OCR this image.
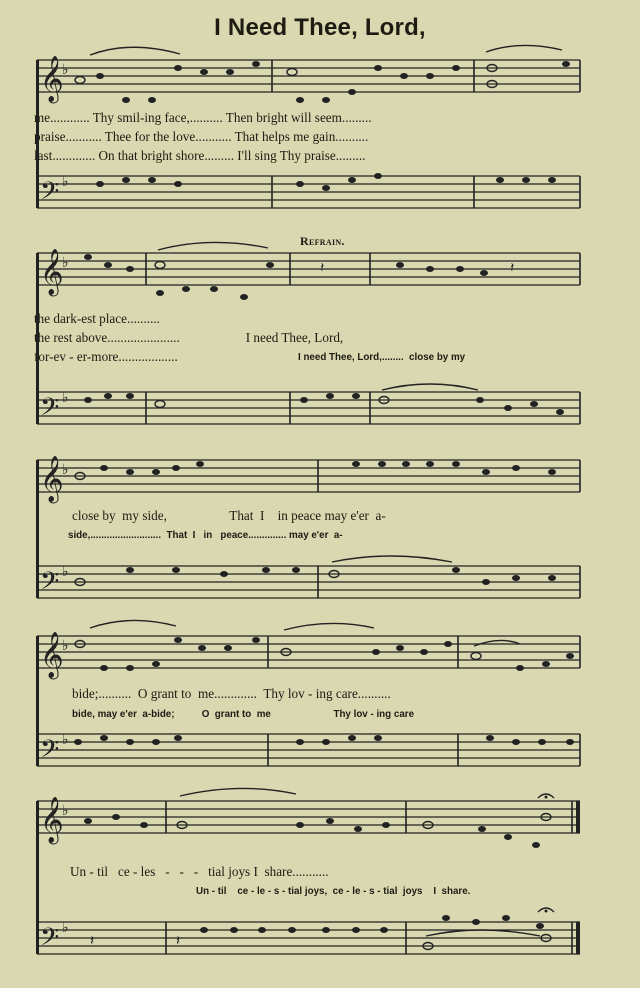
I Need Thee, Lord,
Refrain.
𝄞
𝄢
♭
♭
me............ Thy smil-ing face,.......... Then bright will seem.........
praise........... Thee for the love........... That helps me gain..........
last............. On that bright shore......... I'll sing Thy praise.........
𝄞
𝄢
♭
♭
𝄽	𝄽
the dark-est place..........
the rest above......................                    I need Thee, Lord,
for-ev - er-more..................	I need Thee, Lord,........  close by my
𝄞
𝄢
♭
♭
close by  my side,                   That  I    in peace may e'er  a-
side,..........................  That  I   in   peace.............. may e'er  a-
𝄞
𝄢
♭
♭
bide;..........  O grant to  me.............  Thy lov - ing care..........
bide, may e'er  a-bide;          O  grant to  me                       Thy lov - ing care
𝄞
𝄢
♭
♭
𝄽	𝄽
Un - til   ce - les   -   -   -   tial joys I  share...........
Un - til    ce - le - s - tial joys,  ce - le - s - tial  joys    I  share.
